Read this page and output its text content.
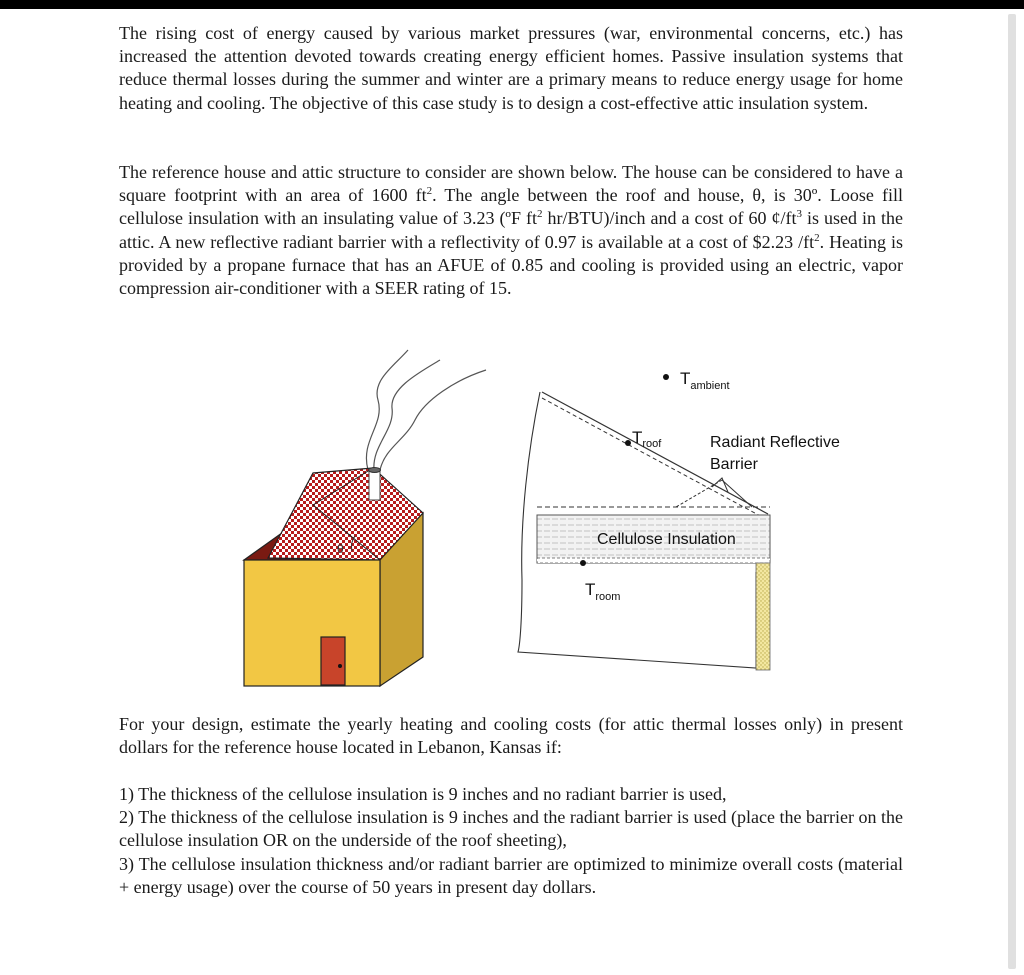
The rising cost of energy caused by various market pressures (war, environmental concerns, etc.) has increased the attention devoted towards creating energy efficient homes. Passive insulation systems that reduce thermal losses during the summer and winter are a primary means to reduce energy usage for home heating and cooling. The objective of this case study is to design a cost-effective attic insulation system.

The reference house and attic structure to consider are shown below. The house can be considered to have a square footprint with an area of 1600 $ft^2$. The angle between the roof and house, θ, is 30º. Loose fill cellulose insulation with an insulating value of 3.23 (ºF $ft^2$ hr/BTU)/inch and a cost of 60 $¢/ft^3$ is used in the attic. A new reflective radiant barrier with a reflectivity of 0.97 is available at a cost of $2.23 $/ft^2$. Heating is provided by a propane furnace that has an AFUE of 0.85 and cooling is provided using an electric, vapor compression air-conditioner with a SEER rating of 15.

θ
$T_{ambient}$
$T_{roof}$
$T_{room}$
Radiant Reflective
Barrier
Cellulose Insulation

For your design, estimate the yearly heating and cooling costs (for attic thermal losses only) in present dollars for the reference house located in Lebanon, Kansas if:

1) The thickness of the cellulose insulation is 9 inches and no radiant barrier is used,
2) The thickness of the cellulose insulation is 9 inches and the radiant barrier is used (place the barrier on the cellulose insulation OR on the underside of the roof sheeting),
3) The cellulose insulation thickness and/or radiant barrier are optimized to minimize overall costs (material + energy usage) over the course of 50 years in present day dollars.
